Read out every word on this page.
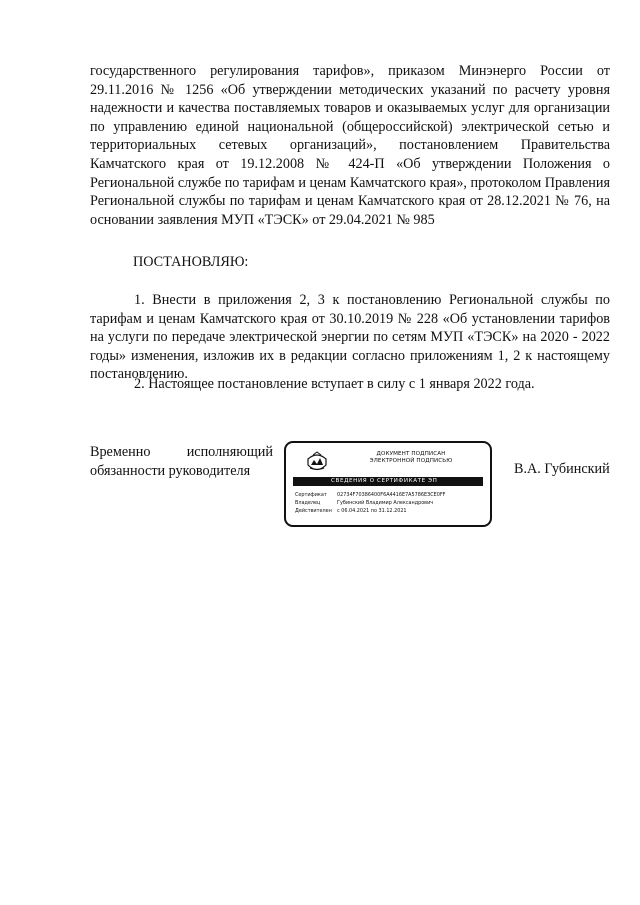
государственного регулирования тарифов», приказом Минэнерго России от 29.11.2016 № 1256 «Об утверждении методических указаний по расчету уровня надежности и качества поставляемых товаров и оказываемых услуг для организации по управлению единой национальной (общероссийской) электрической сетью и территориальных сетевых организаций», постановлением Правительства Камчатского края от 19.12.2008 № 424-П «Об утверждении Положения о Региональной службе по тарифам и ценам Камчатского края», протоколом Правления Региональной службы по тарифам и ценам Камчатского края от 28.12.2021 № 76, на основании заявления МУП «ТЭСК» от 29.04.2021 № 985
ПОСТАНОВЛЯЮ:
1. Внести в приложения 2, 3 к постановлению Региональной службы по тарифам и ценам Камчатского края от 30.10.2019 № 228 «Об установлении тарифов на услуги по передаче электрической энергии по сетям МУП «ТЭСК» на 2020 - 2022 годы» изменения, изложив их в редакции согласно приложениям 1, 2 к настоящему постановлению.
2. Настоящее постановление вступает в силу с 1 января 2022 года.
Временно исполняющий
обязанности руководителя
ДОКУМЕНТ ПОДПИСАН
ЭЛЕКТРОННОЙ ПОДПИСЬЮ
СВЕДЕНИЯ О СЕРТИФИКАТЕ ЭП
Сертификат 02734F70386400F6A4416E7A5786ЕЗСЕ0FF
Владелец	Губинский Владимир Александрович
Действителен с 06.04.2021 по 31.12.2021
В.А. Губинский
